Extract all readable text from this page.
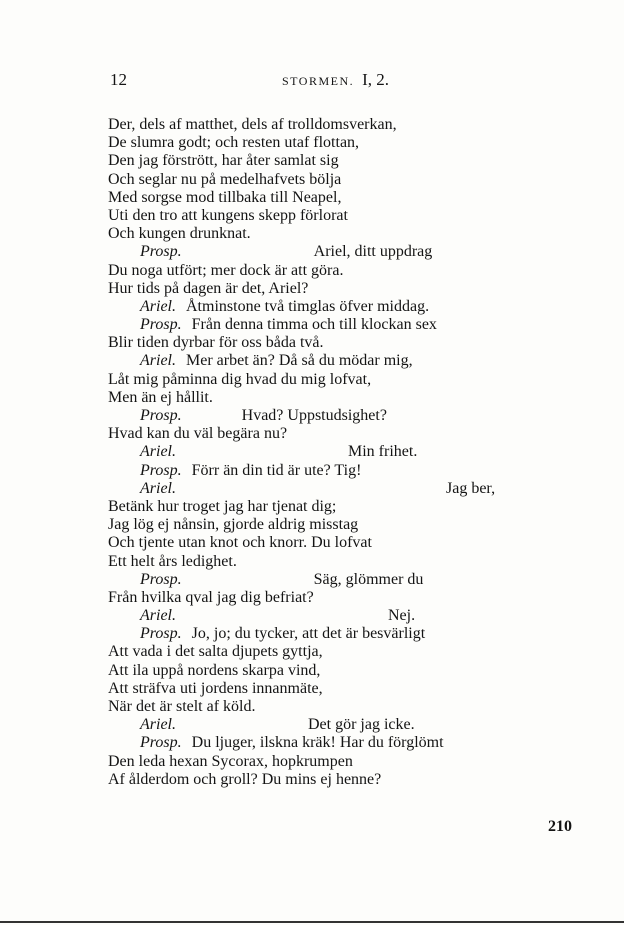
12	STORMEN. I, 2.
Der, dels af matthet, dels af trolldomsverkan,
De slumra godt; och resten utaf flottan,
Den jag förstrött, har åter samlat sig
Och seglar nu på medelhafvets bölja
Med sorgse mod tillbaka till Neapel,
Uti den tro att kungens skepp förlorat
Och kungen drunknat.
Prosp.	Ariel, ditt uppdrag
Du noga utfört; mer dock är att göra.
Hur tids på dagen är det, Ariel?
Ariel. Åtminstone två timglas öfver middag.
Prosp. Från denna timma och till klockan sex
Blir tiden dyrbar för oss båda två.
Ariel. Mer arbet än? Då så du mödar mig,
Låt mig påminna dig hvad du mig lofvat,
Men än ej hållit.
Prosp.	Hvad? Uppstudsighet?
Hvad kan du väl begära nu?
Ariel.	Min frihet.
Prosp. Förr än din tid är ute? Tig!
Ariel.	Jag ber,
Betänk hur troget jag har tjenat dig;
Jag lög ej nånsin, gjorde aldrig misstag
Och tjente utan knot och knorr. Du lofvat
Ett helt års ledighet.
Prosp.	Säg, glömmer du
Från hvilka qval jag dig befriat?
Ariel.	Nej.
Prosp. Jo, jo; du tycker, att det är besvärligt
Att vada i det salta djupets gyttja,
Att ila uppå nordens skarpa vind,
Att sträfva uti jordens innanmäte,
När det är stelt af köld.
Ariel.	Det gör jag icke.
Prosp. Du ljuger, ilskna kräk! Har du förglömt
Den leda hexan Sycorax, hopkrumpen
Af ålderdom och groll? Du mins ej henne?
210
